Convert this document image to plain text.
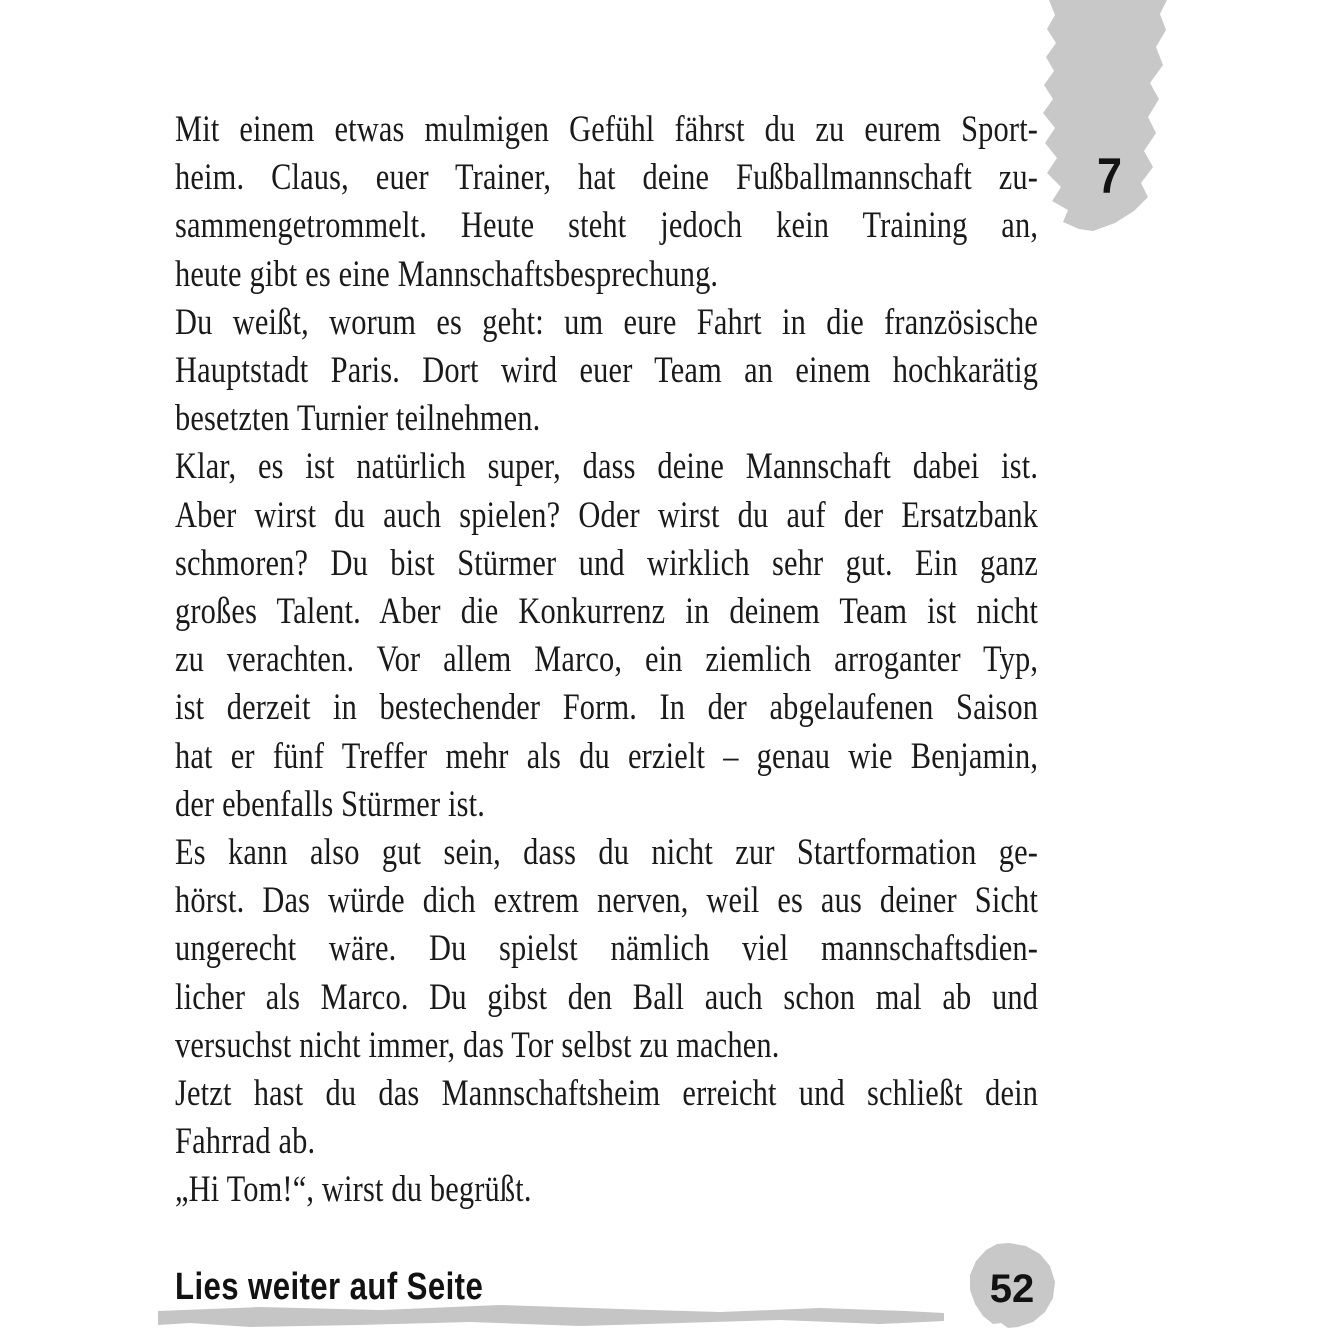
7
Mit einem etwas mulmigen Gefühl fährst du zu eurem Sport-
heim. Claus, euer Trainer, hat deine Fußballmannschaft zu-
sammengetrommelt. Heute steht jedoch kein Training an,
heute gibt es eine Mannschaftsbesprechung.
Du weißt, worum es geht: um eure Fahrt in die französische
Hauptstadt Paris. Dort wird euer Team an einem hochkarätig
besetzten Turnier teilnehmen.
Klar, es ist natürlich super, dass deine Mannschaft dabei ist.
Aber wirst du auch spielen? Oder wirst du auf der Ersatzbank
schmoren? Du bist Stürmer und wirklich sehr gut. Ein ganz
großes Talent. Aber die Konkurrenz in deinem Team ist nicht
zu verachten. Vor allem Marco, ein ziemlich arroganter Typ,
ist derzeit in bestechender Form. In der abgelaufenen Saison
hat er fünf Treffer mehr als du erzielt – genau wie Benjamin,
der ebenfalls Stürmer ist.
Es kann also gut sein, dass du nicht zur Startformation ge-
hörst. Das würde dich extrem nerven, weil es aus deiner Sicht
ungerecht wäre. Du spielst nämlich viel mannschaftsdien-
licher als Marco. Du gibst den Ball auch schon mal ab und
versuchst nicht immer, das Tor selbst zu machen.
Jetzt hast du das Mannschaftsheim erreicht und schließt dein
Fahrrad ab.
„Hi Tom!“, wirst du begrüßt.
Lies weiter auf Seite	52
